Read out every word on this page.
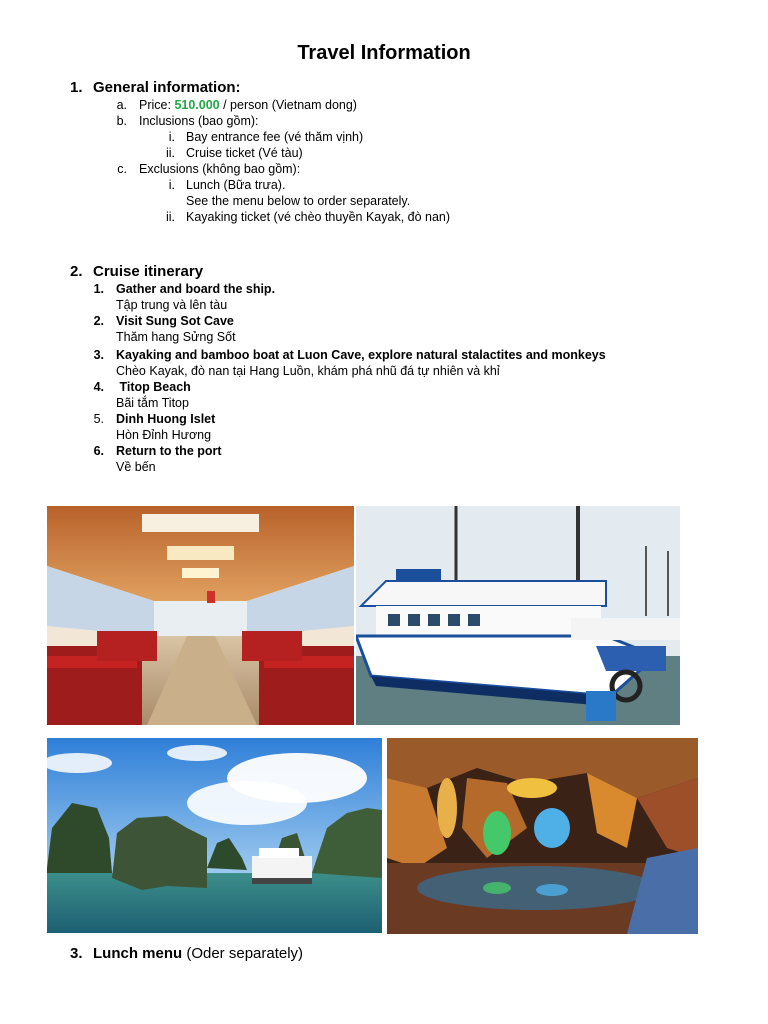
Travel Information
1. General information:
a. Price: 510.000 / person (Vietnam dong)
b. Inclusions (bao gồm):
i. Bay entrance fee (vé thăm vịnh)
ii. Cruise ticket (Vé tàu)
c. Exclusions (không bao gồm):
i. Lunch (Bữa trưa).
See the menu below to order separately.
ii. Kayaking ticket (vé chèo thuyền Kayak, đò nan)
2. Cruise itinerary
1. Gather and board the ship.
Tập trung và lên tàu
2. Visit Sung Sot Cave
Thăm hang Sửng Sốt
3. Kayaking and bamboo boat at Luon Cave, explore natural stalactites and monkeys
Chèo Kayak, đò nan tại Hang Luồn, khám phá nhũ đá tự nhiên và khỉ
4. Titop Beach
Bãi tắm Titop
5. Dinh Huong Islet
Hòn Đỉnh Hương
6. Return to the port
Về bến
3. Lunch menu (Oder separately)
